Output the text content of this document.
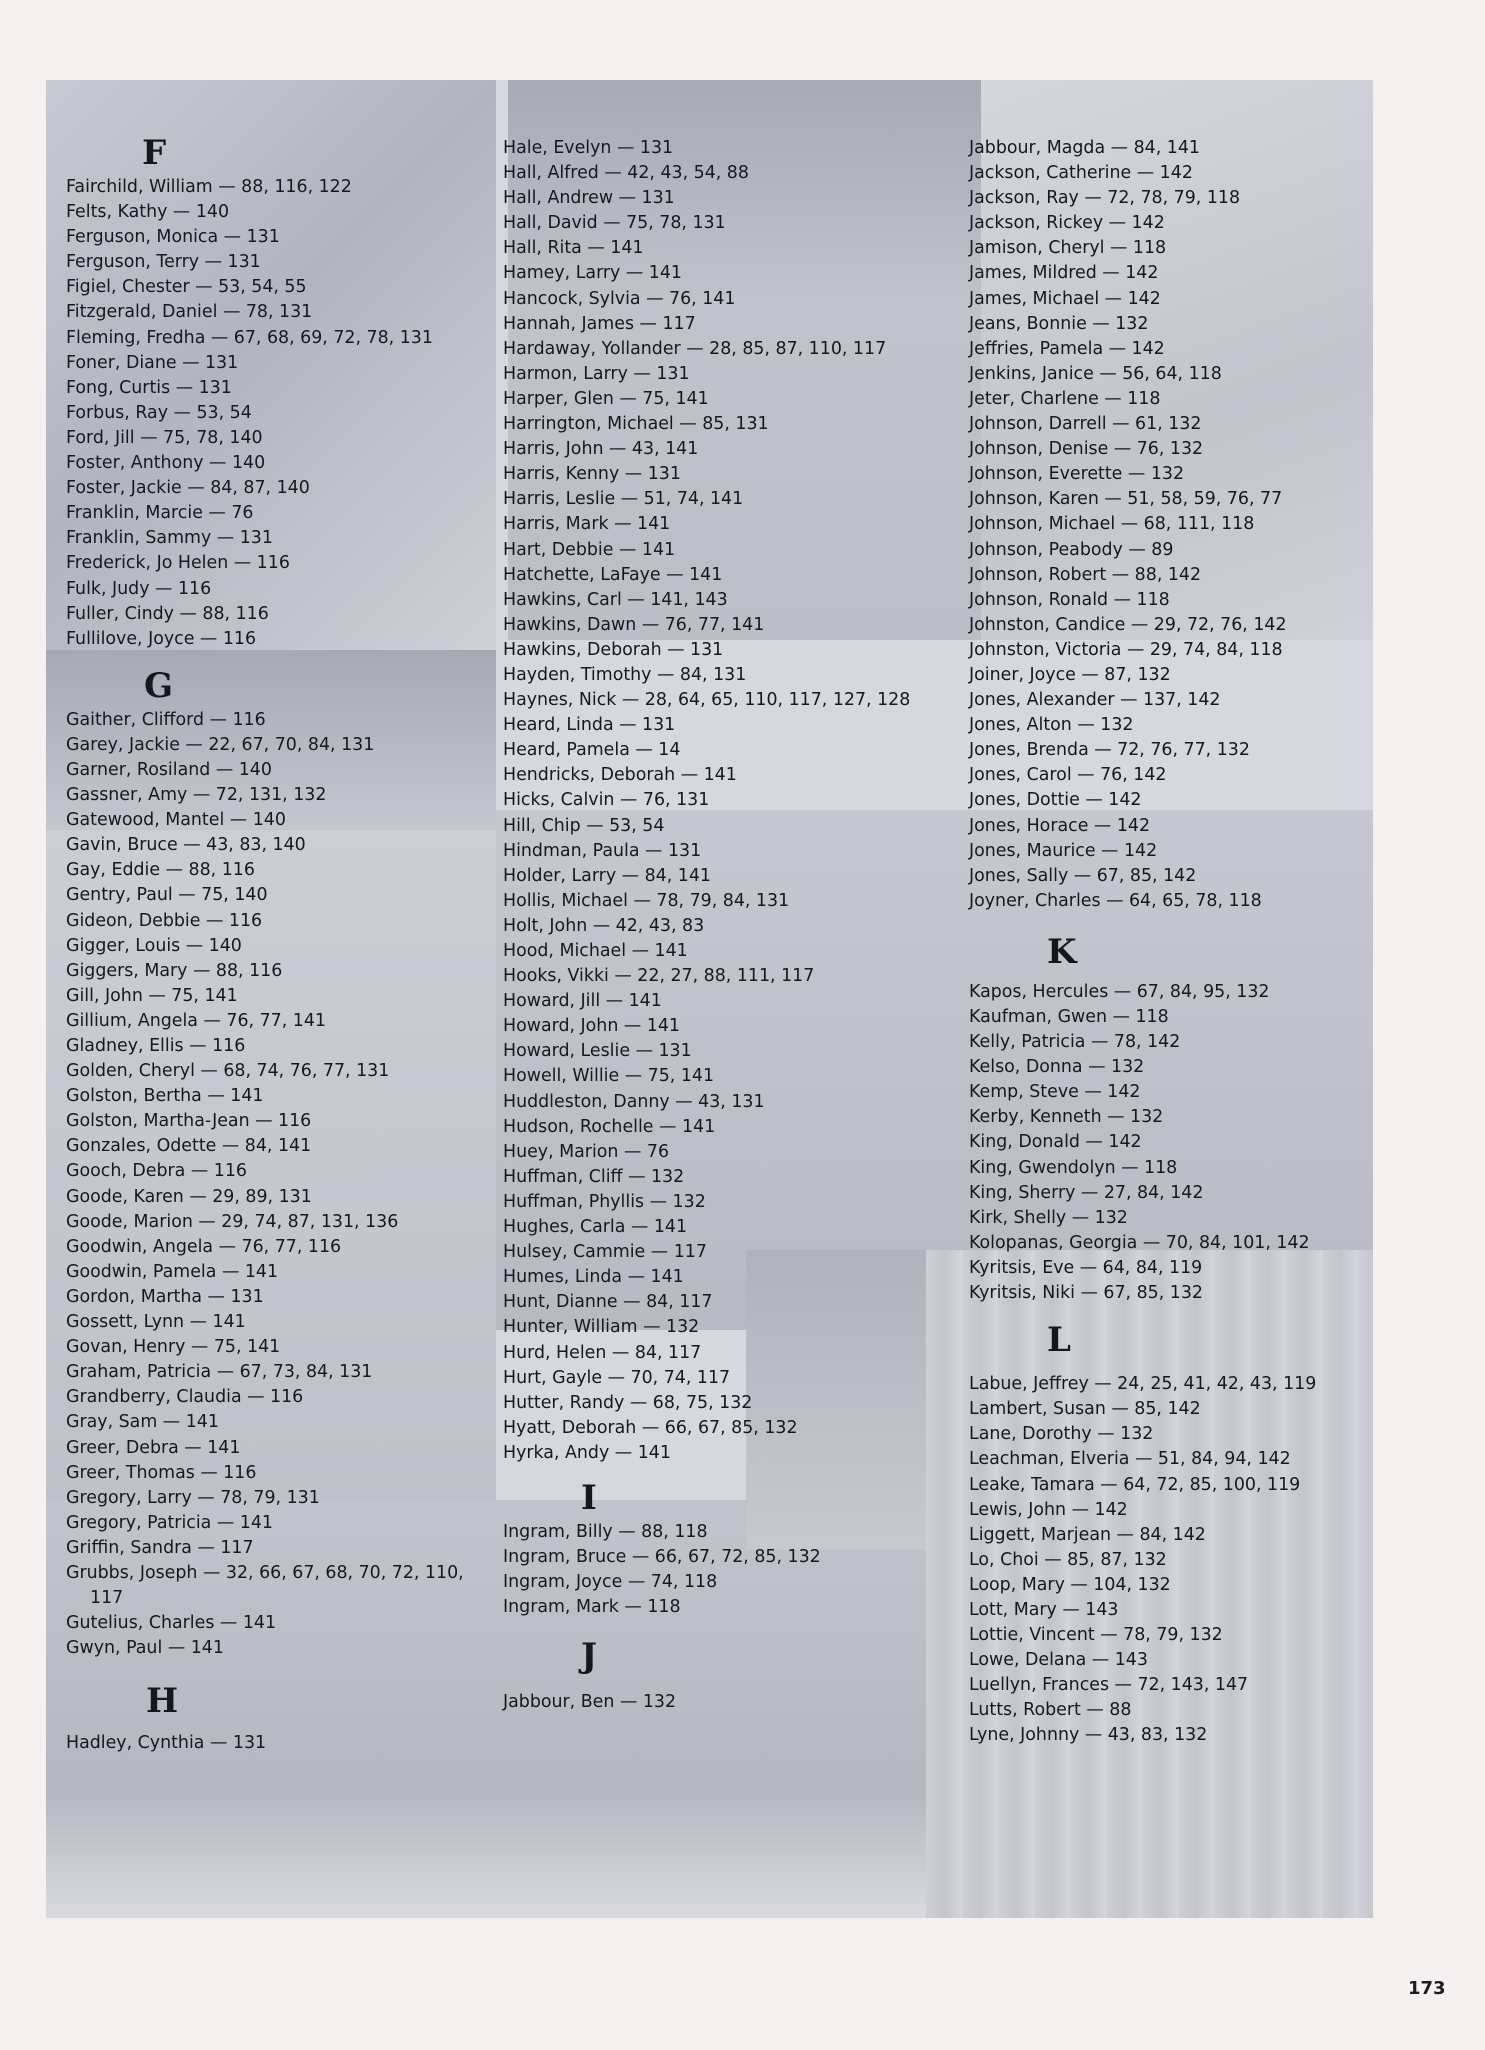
F
Fairchild, William — 88, 116, 122
Felts, Kathy — 140
Ferguson, Monica — 131
Ferguson, Terry — 131
Figiel, Chester — 53, 54, 55
Fitzgerald, Daniel — 78, 131
Fleming, Fredha — 67, 68, 69, 72, 78, 131
Foner, Diane — 131
Fong, Curtis — 131
Forbus, Ray — 53, 54
Ford, Jill — 75, 78, 140
Foster, Anthony — 140
Foster, Jackie — 84, 87, 140
Franklin, Marcie — 76
Franklin, Sammy — 131
Frederick, Jo Helen — 116
Fulk, Judy — 116
Fuller, Cindy — 88, 116
Fullilove, Joyce — 116
G
Gaither, Clifford — 116
Garey, Jackie — 22, 67, 70, 84, 131
Garner, Rosiland — 140
Gassner, Amy — 72, 131, 132
Gatewood, Mantel — 140
Gavin, Bruce — 43, 83, 140
Gay, Eddie — 88, 116
Gentry, Paul — 75, 140
Gideon, Debbie — 116
Gigger, Louis — 140
Giggers, Mary — 88, 116
Gill, John — 75, 141
Gillium, Angela — 76, 77, 141
Gladney, Ellis — 116
Golden, Cheryl — 68, 74, 76, 77, 131
Golston, Bertha — 141
Golston, Martha-Jean — 116
Gonzales, Odette — 84, 141
Gooch, Debra — 116
Goode, Karen — 29, 89, 131
Goode, Marion — 29, 74, 87, 131, 136
Goodwin, Angela — 76, 77, 116
Goodwin, Pamela — 141
Gordon, Martha — 131
Gossett, Lynn — 141
Govan, Henry — 75, 141
Graham, Patricia — 67, 73, 84, 131
Grandberry, Claudia — 116
Gray, Sam — 141
Greer, Debra — 141
Greer, Thomas — 116
Gregory, Larry — 78, 79, 131
Gregory, Patricia — 141
Griffin, Sandra — 117
Grubbs, Joseph — 32, 66, 67, 68, 70, 72, 110, 117
Gutelius, Charles — 141
Gwyn, Paul — 141
H
Hadley, Cynthia — 131
Hale, Evelyn — 131
Hall, Alfred — 42, 43, 54, 88
Hall, Andrew — 131
Hall, David — 75, 78, 131
Hall, Rita — 141
Hamey, Larry — 141
Hancock, Sylvia — 76, 141
Hannah, James — 117
Hardaway, Yollander — 28, 85, 87, 110, 117
Harmon, Larry — 131
Harper, Glen — 75, 141
Harrington, Michael — 85, 131
Harris, John — 43, 141
Harris, Kenny — 131
Harris, Leslie — 51, 74, 141
Harris, Mark — 141
Hart, Debbie — 141
Hatchette, LaFaye — 141
Hawkins, Carl — 141, 143
Hawkins, Dawn — 76, 77, 141
Hawkins, Deborah — 131
Hayden, Timothy — 84, 131
Haynes, Nick — 28, 64, 65, 110, 117, 127, 128
Heard, Linda — 131
Heard, Pamela — 14
Hendricks, Deborah — 141
Hicks, Calvin — 76, 131
Hill, Chip — 53, 54
Hindman, Paula — 131
Holder, Larry — 84, 141
Hollis, Michael — 78, 79, 84, 131
Holt, John — 42, 43, 83
Hood, Michael — 141
Hooks, Vikki — 22, 27, 88, 111, 117
Howard, Jill — 141
Howard, John — 141
Howard, Leslie — 131
Howell, Willie — 75, 141
Huddleston, Danny — 43, 131
Hudson, Rochelle — 141
Huey, Marion — 76
Huffman, Cliff — 132
Huffman, Phyllis — 132
Hughes, Carla — 141
Hulsey, Cammie — 117
Humes, Linda — 141
Hunt, Dianne — 84, 117
Hunter, William — 132
Hurd, Helen — 84, 117
Hurt, Gayle — 70, 74, 117
Hutter, Randy — 68, 75, 132
Hyatt, Deborah — 66, 67, 85, 132
Hyrka, Andy — 141
I
Ingram, Billy — 88, 118
Ingram, Bruce — 66, 67, 72, 85, 132
Ingram, Joyce — 74, 118
Ingram, Mark — 118
J
Jabbour, Ben — 132
Jabbour, Magda — 84, 141
Jackson, Catherine — 142
Jackson, Ray — 72, 78, 79, 118
Jackson, Rickey — 142
Jamison, Cheryl — 118
James, Mildred — 142
James, Michael — 142
Jeans, Bonnie — 132
Jeffries, Pamela — 142
Jenkins, Janice — 56, 64, 118
Jeter, Charlene — 118
Johnson, Darrell — 61, 132
Johnson, Denise — 76, 132
Johnson, Everette — 132
Johnson, Karen — 51, 58, 59, 76, 77
Johnson, Michael — 68, 111, 118
Johnson, Peabody — 89
Johnson, Robert — 88, 142
Johnson, Ronald — 118
Johnston, Candice — 29, 72, 76, 142
Johnston, Victoria — 29, 74, 84, 118
Joiner, Joyce — 87, 132
Jones, Alexander — 137, 142
Jones, Alton — 132
Jones, Brenda — 72, 76, 77, 132
Jones, Carol — 76, 142
Jones, Dottie — 142
Jones, Horace — 142
Jones, Maurice — 142
Jones, Sally — 67, 85, 142
Joyner, Charles — 64, 65, 78, 118
K
Kapos, Hercules — 67, 84, 95, 132
Kaufman, Gwen — 118
Kelly, Patricia — 78, 142
Kelso, Donna — 132
Kemp, Steve — 142
Kerby, Kenneth — 132
King, Donald — 142
King, Gwendolyn — 118
King, Sherry — 27, 84, 142
Kirk, Shelly — 132
Kolopanas, Georgia — 70, 84, 101, 142
Kyritsis, Eve — 64, 84, 119
Kyritsis, Niki — 67, 85, 132
L
Labue, Jeffrey — 24, 25, 41, 42, 43, 119
Lambert, Susan — 85, 142
Lane, Dorothy — 132
Leachman, Elveria — 51, 84, 94, 142
Leake, Tamara — 64, 72, 85, 100, 119
Lewis, John — 142
Liggett, Marjean — 84, 142
Lo, Choi — 85, 87, 132
Loop, Mary — 104, 132
Lott, Mary — 143
Lottie, Vincent — 78, 79, 132
Lowe, Delana — 143
Luellyn, Frances — 72, 143, 147
Lutts, Robert — 88
Lyne, Johnny — 43, 83, 132
173
